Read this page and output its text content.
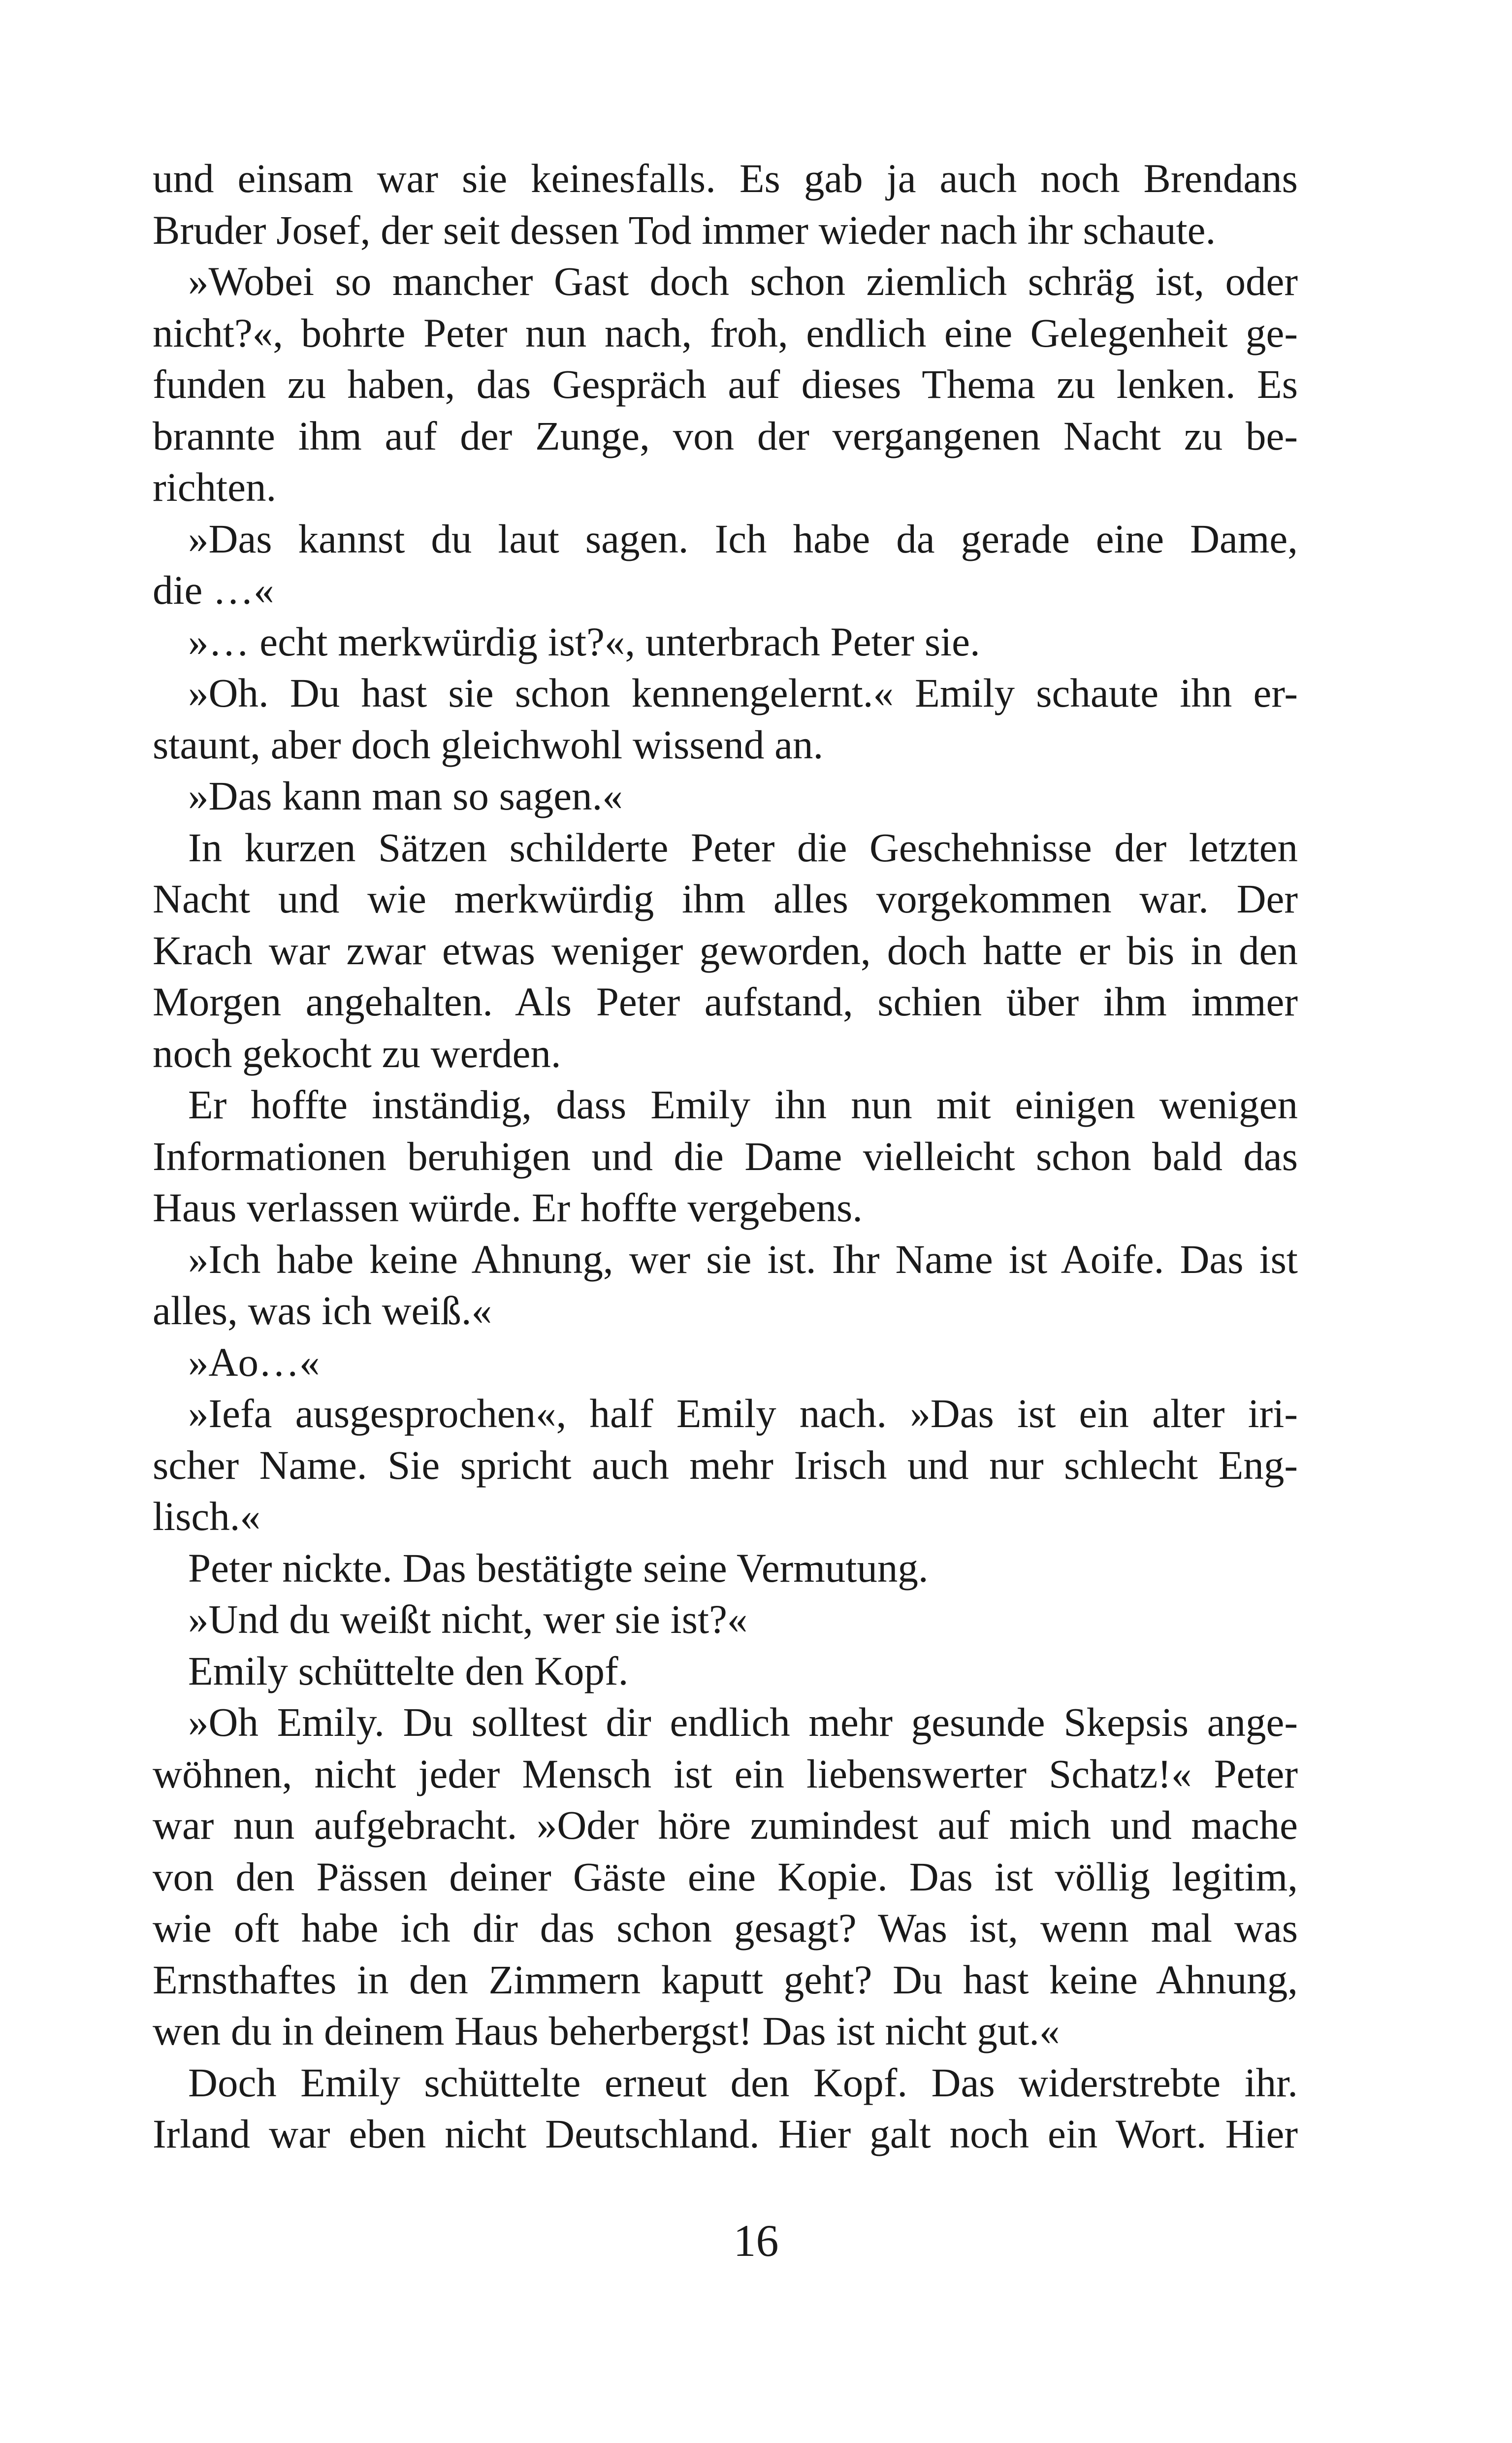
und einsam war sie keinesfalls. Es gab ja auch noch Brendans
Bruder Josef, der seit dessen Tod immer wieder nach ihr schaute.
»Wobei so mancher Gast doch schon ziemlich schräg ist, oder
nicht?«, bohrte Peter nun nach, froh, endlich eine Gelegenheit ge-
funden zu haben, das Gespräch auf dieses Thema zu lenken. Es
brannte ihm auf der Zunge, von der vergangenen Nacht zu be-
richten.
»Das kannst du laut sagen. Ich habe da gerade eine Dame,
die …«
»… echt merkwürdig ist?«, unterbrach Peter sie.
»Oh. Du hast sie schon kennengelernt.« Emily schaute ihn er-
staunt, aber doch gleichwohl wissend an.
»Das kann man so sagen.«
In kurzen Sätzen schilderte Peter die Geschehnisse der letzten
Nacht und wie merkwürdig ihm alles vorgekommen war. Der
Krach war zwar etwas weniger geworden, doch hatte er bis in den
Morgen angehalten. Als Peter aufstand, schien über ihm immer
noch gekocht zu werden.
Er hoffte inständig, dass Emily ihn nun mit einigen wenigen
Informationen beruhigen und die Dame vielleicht schon bald das
Haus verlassen würde. Er hoffte vergebens.
»Ich habe keine Ahnung, wer sie ist. Ihr Name ist Aoife. Das ist
alles, was ich weiß.«
»Ao…«
»Iefa ausgesprochen«, half Emily nach. »Das ist ein alter iri-
scher Name. Sie spricht auch mehr Irisch und nur schlecht Eng-
lisch.«
Peter nickte. Das bestätigte seine Vermutung.
»Und du weißt nicht, wer sie ist?«
Emily schüttelte den Kopf.
»Oh Emily. Du solltest dir endlich mehr gesunde Skepsis ange-
wöhnen, nicht jeder Mensch ist ein liebenswerter Schatz!« Peter
war nun aufgebracht. »Oder höre zumindest auf mich und mache
von den Pässen deiner Gäste eine Kopie. Das ist völlig legitim,
wie oft habe ich dir das schon gesagt? Was ist, wenn mal was
Ernsthaftes in den Zimmern kaputt geht? Du hast keine Ahnung,
wen du in deinem Haus beherbergst! Das ist nicht gut.«
Doch Emily schüttelte erneut den Kopf. Das widerstrebte ihr.
Irland war eben nicht Deutschland. Hier galt noch ein Wort. Hier
16
